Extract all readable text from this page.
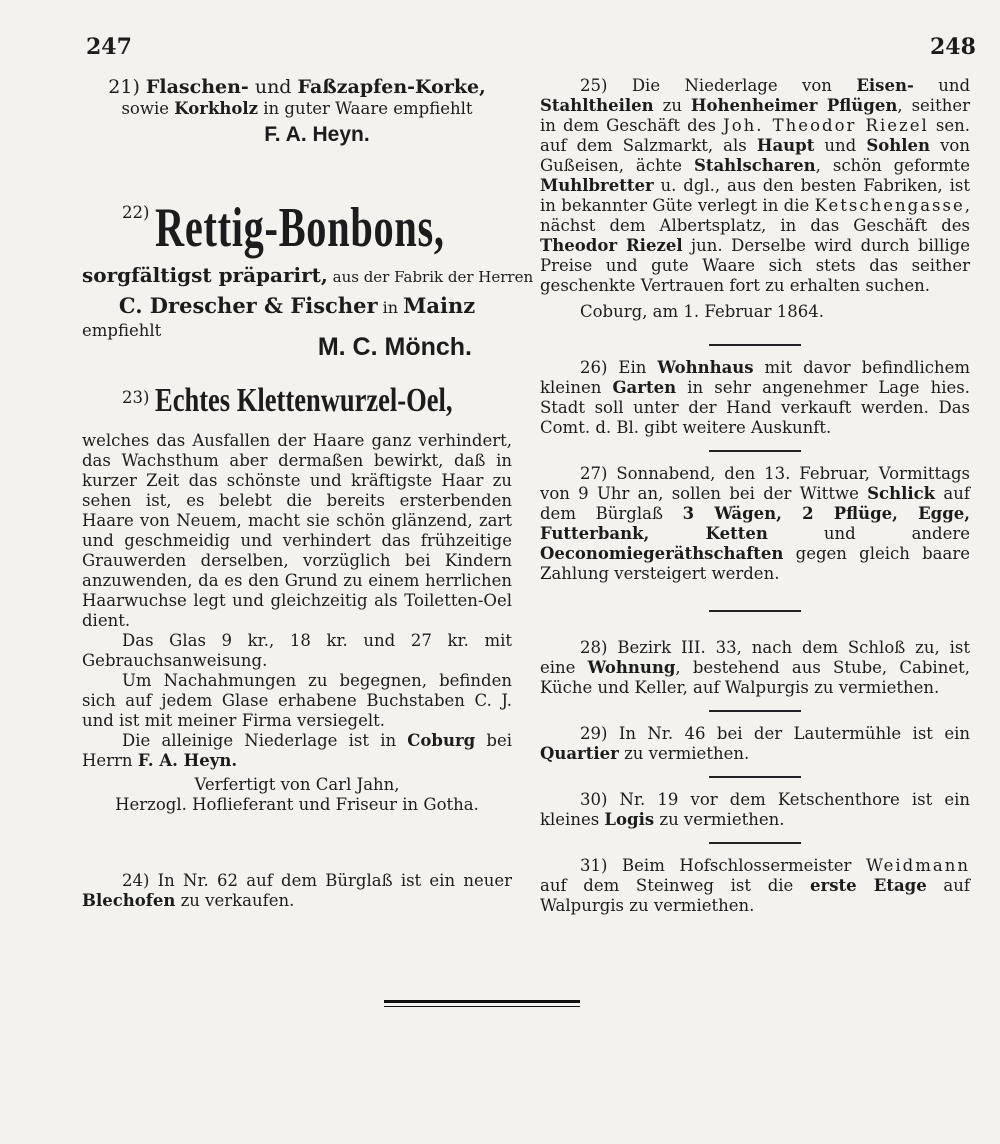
247	248

21) Flaschen- und Faßzapfen-Korke,

sowie Korkholz in guter Waare empfiehlt

F. A. Heyn.

22) Rettig-Bonbons,

sorgfältigst präparirt, aus der Fabrik der Herren

C. Drescher & Fischer in Mainz

empfiehlt

M. C. Mönch.

23) Echtes Klettenwurzel-Oel,

welches das Ausfallen der Haare ganz verhindert, das Wachsthum aber dermaßen bewirkt, daß in kurzer Zeit das schönste und kräftigste Haar zu sehen ist, es belebt die bereits ersterbenden Haare von Neuem, macht sie schön glänzend, zart und geschmeidig und verhindert das frühzeitige Grauwerden derselben, vorzüglich bei Kindern anzuwenden, da es den Grund zu einem herrlichen Haarwuchse legt und gleichzeitig als Toiletten-Oel dient.

Das Glas 9 kr., 18 kr. und 27 kr. mit Gebrauchsanweisung.

Um Nachahmungen zu begegnen, befinden sich auf jedem Glase erhabene Buchstaben C. J. und ist mit meiner Firma versiegelt.

Die alleinige Niederlage ist in Coburg bei Herrn F. A. Heyn.

Verfertigt von Carl Jahn,

Herzogl. Hoflieferant und Friseur in Gotha.

24) In Nr. 62 auf dem Bürglaß ist ein neuer Blechofen zu verkaufen.

25) Die Niederlage von Eisen- und Stahltheilen zu Hohenheimer Pflügen, seither in dem Geschäft des Joh. Theodor Riezel sen. auf dem Salzmarkt, als Haupt und Sohlen von Gußeisen, ächte Stahlscharen, schön geformte Muhlbretter u. dgl., aus den besten Fabriken, ist in bekannter Güte verlegt in die Ketschengasse, nächst dem Albertsplatz, in das Geschäft des Theodor Riezel jun. Derselbe wird durch billige Preise und gute Waare sich stets das seither geschenkte Vertrauen fort zu erhalten suchen.

Coburg, am 1. Februar 1864.

26) Ein Wohnhaus mit davor befindlichem kleinen Garten in sehr angenehmer Lage hies. Stadt soll unter der Hand verkauft werden. Das Comt. d. Bl. gibt weitere Auskunft.

27) Sonnabend, den 13. Februar, Vormittags von 9 Uhr an, sollen bei der Wittwe Schlick auf dem Bürglaß 3 Wägen, 2 Pflüge, Egge, Futterbank, Ketten und andere Oeconomiegeräthschaften gegen gleich baare Zahlung versteigert werden.

28) Bezirk III. 33, nach dem Schloß zu, ist eine Wohnung, bestehend aus Stube, Cabinet, Küche und Keller, auf Walpurgis zu vermiethen.

29) In Nr. 46 bei der Lautermühle ist ein Quartier zu vermiethen.

30) Nr. 19 vor dem Ketschenthore ist ein kleines Logis zu vermiethen.

31) Beim Hofschlossermeister Weidmann auf dem Steinweg ist die erste Etage auf Walpurgis zu vermiethen.
